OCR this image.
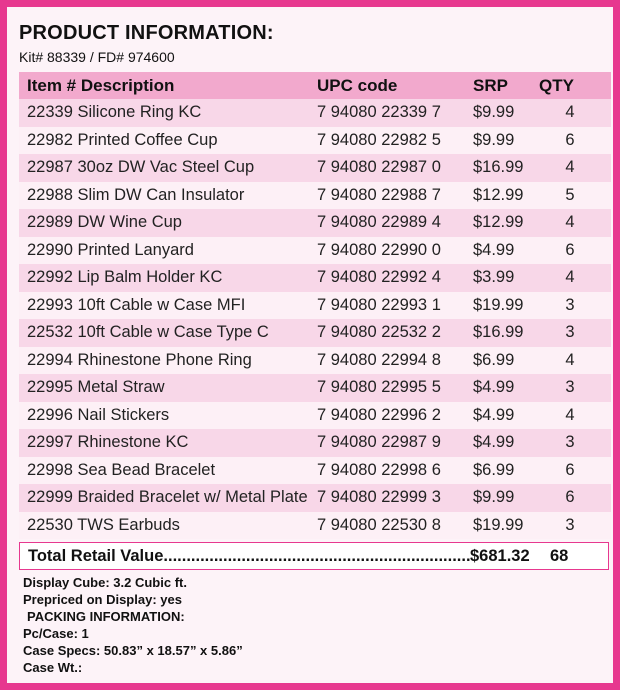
PRODUCT INFORMATION:
Kit# 88339 / FD# 974600
Item # Description	UPC code	SRP	QTY
22339 Silicone Ring KC	7 94080 22339 7	$9.99	4
22982 Printed Coffee Cup	7 94080 22982 5	$9.99	6
22987 30oz DW Vac Steel Cup	7 94080 22987 0	$16.99	4
22988 Slim DW Can Insulator	7 94080 22988 7	$12.99	5
22989 DW Wine Cup	7 94080 22989 4	$12.99	4
22990 Printed Lanyard	7 94080 22990 0	$4.99	6
22992 Lip Balm Holder KC	7 94080 22992 4	$3.99	4
22993 10ft Cable w Case MFI	7 94080 22993 1	$19.99	3
22532 10ft Cable w Case Type C	7 94080 22532 2	$16.99	3
22994 Rhinestone Phone Ring	7 94080 22994 8	$6.99	4
22995 Metal Straw	7 94080 22995 5	$4.99	3
22996 Nail Stickers	7 94080 22996 2	$4.99	4
22997 Rhinestone KC	7 94080 22987 9	$4.99	3
22998 Sea Bead Bracelet	7 94080 22998 6	$6.99	6
22999 Braided Bracelet w/ Metal Plate	7 94080 22999 3	$9.99	6
22530 TWS Earbuds	7 94080 22530 8	$19.99	3
Total Retail Value .....	$681.32	68
Display Cube: 3.2 Cubic ft.
Prepriced on Display: yes
PACKING INFORMATION:
Pc/Case: 1
Case Specs: 50.83” x 18.57” x 5.86”
Case Wt.:
